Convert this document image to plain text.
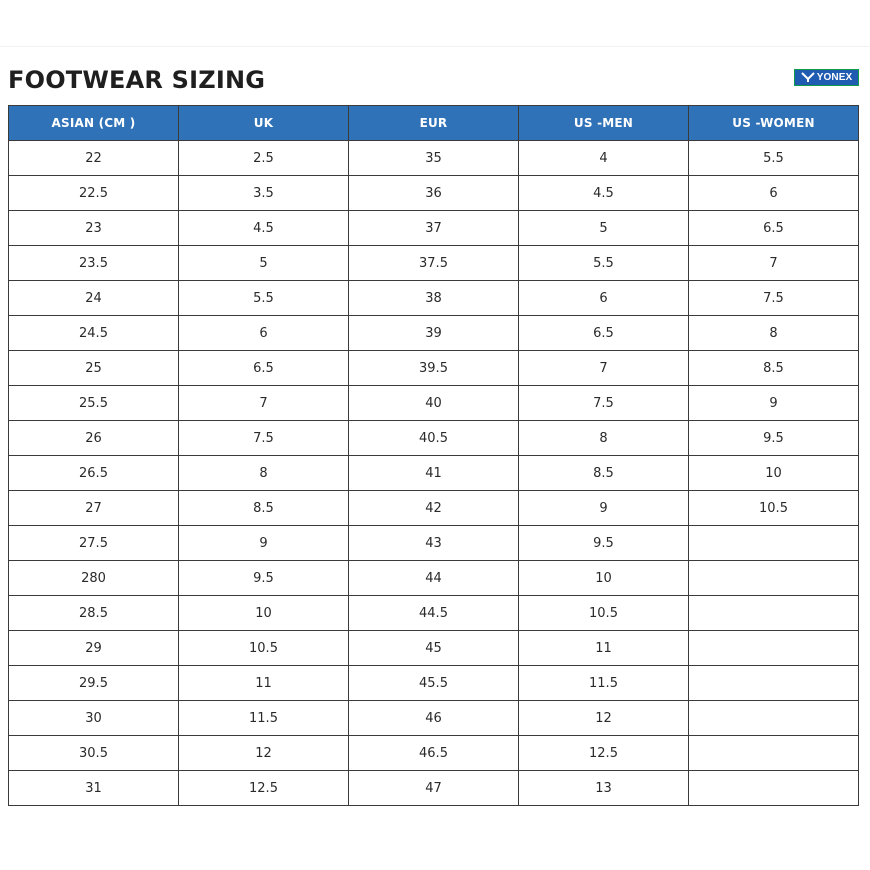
FOOTWEAR SIZING	YONEX
ASIAN (CM )	UK	EUR	US -MEN	US -WOMEN
22	2.5	35	4	5.5
22.5	3.5	36	4.5	6
23	4.5	37	5	6.5
23.5	5	37.5	5.5	7
24	5.5	38	6	7.5
24.5	6	39	6.5	8
25	6.5	39.5	7	8.5
25.5	7	40	7.5	9
26	7.5	40.5	8	9.5
26.5	8	41	8.5	10
27	8.5	42	9	10.5
27.5	9	43	9.5	
280	9.5	44	10	
28.5	10	44.5	10.5	
29	10.5	45	11	
29.5	11	45.5	11.5	
30	11.5	46	12	
30.5	12	46.5	12.5	
31	12.5	47	13	
